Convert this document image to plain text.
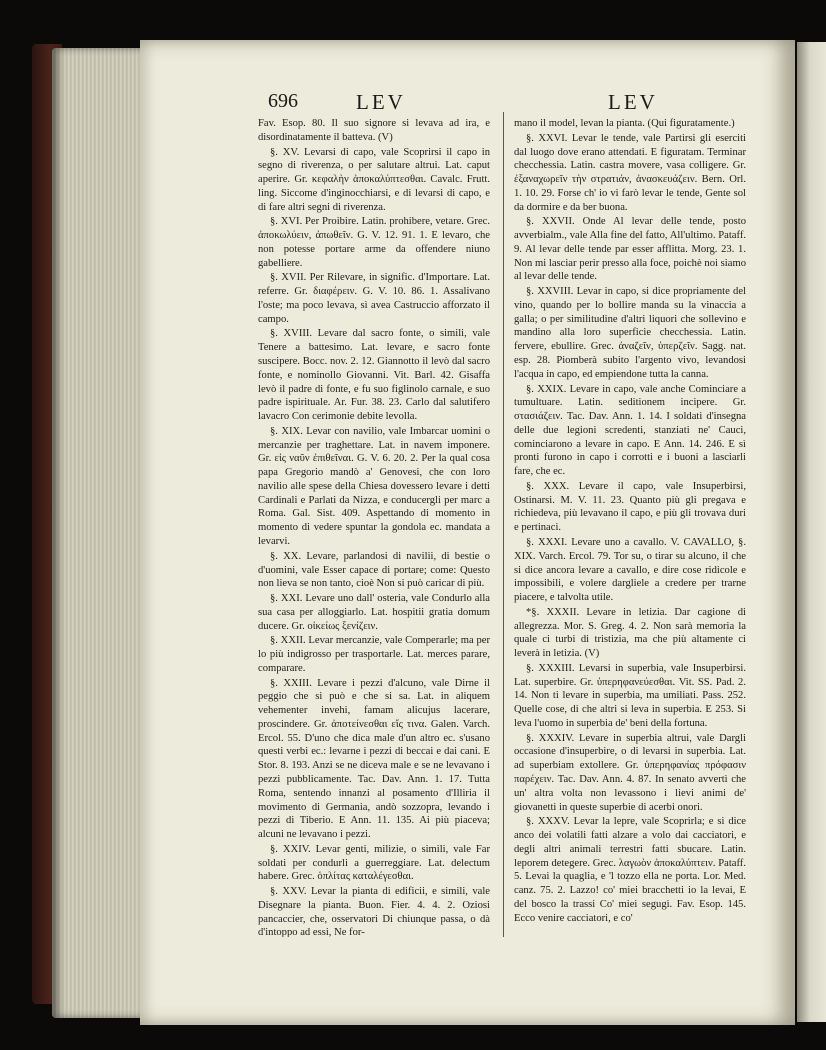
696	LEV	LEV

Fav. Esop. 80. Il suo signore si levava ad ira, e disordinatamente il batteva. (V)

§. XV. Levarsi di capo, vale Scoprirsi il capo in segno di riverenza, o per salutare altrui. Lat. caput aperire. Gr. κεφαλὴν ἀποκαλύπτεσθαι. Cavalc. Frutt. ling. Siccome d'inginocchiarsi, e di levarsi di capo, e di fare altri segni di riverenza.

§. XVI. Per Proibire. Latin. prohibere, vetare. Grec. ἀποκωλύειν, ἀπωθεῖν. G. V. 12. 91. 1. E levaro, che non potesse portare arme da offendere niuno gabelliere.

§. XVII. Per Rilevare, in signific. d'Importare. Lat. referre. Gr. διαφέρειν. G. V. 10. 86. 1. Assalivano l'oste; ma poco levava, sì avea Castruccio afforzato il campo.

§. XVIII. Levare dal sacro fonte, o simili, vale Tenere a battesimo. Lat. levare, e sacro fonte suscipere. Bocc. nov. 2. 12. Giannotto il levò dal sacro fonte, e nominollo Giovanni. Vit. Barl. 42. Gisaffa levò il padre di fonte, e fu suo figlinolo carnale, e suo padre ispirituale. Ar. Fur. 38. 23. Carlo dal salutifero lavacro Con cerimonie debite levolla.

§. XIX. Levar con navilio, vale Imbarcar uomini o mercanzie per traghettare. Lat. in navem imponere. Gr. εἰς ναῦν ἐπιθεῖναι. G. V. 6. 20. 2. Per la qual cosa papa Gregorio mandò a' Genovesi, che con loro navilio alle spese della Chiesa dovessero levare i detti Cardinali e Parlati da Nizza, e conducergli per marc a Roma. Gal. Sist. 409. Aspettando di momento in momento di vedere spuntar la gondola ec. mandata a levarvi.

§. XX. Levare, parlandosi di navilii, di bestie o d'uomini, vale Esser capace di portare; come: Questo non lieva se non tanto, cioè Non si può caricar di più.

§. XXI. Levare uno dall' osteria, vale Condurlo alla sua casa per alloggiarlo. Lat. hospitii gratia domum ducere. Gr. οἰκείως ξενίζειν.

§. XXII. Levar mercanzie, vale Comperarle; ma per lo più indigrosso per trasportarle. Lat. merces parare, comparare.

§. XXIII. Levare i pezzi d'alcuno, vale Dirne il peggio che si può e che si sa. Lat. in aliquem vehementer invehi, famam alicujus lacerare, proscindere. Gr. ἀποτείνεσθαι εἴς τινα. Galen. Varch. Ercol. 55. D'uno che dica male d'un altro ec. s'usano questi verbi ec.: levarne i pezzi di beccai e dai cani. E Stor. 8. 193. Anzi se ne diceva male e se ne levavano i pezzi pubblicamente. Tac. Dav. Ann. 1. 17. Tutta Roma, sentendo innanzi al posamento d'Illiria il movimento di Germania, andò sozzopra, levando i pezzi di Tiberio. E Ann. 11. 135. Ai più piaceva; alcuni ne levavano i pezzi.

§. XXIV. Levar genti, milizie, o simili, vale Far soldati per condurli a guerreggiare. Lat. delectum habere. Grec. ὁπλίτας καταλέγεσθαι.

§. XXV. Levar la pianta di edificii, e simili, vale Disegnare la pianta. Buon. Fier. 4. 4. 2. Oziosi pancaccier, che, osservatori Di chiunque passa, o dà d'intoppo ad essi, Ne for-

mano il model, levan la pianta. (Qui figuratamente.)

§. XXVI. Levar le tende, vale Partirsi gli eserciti dal luogo dove erano attendati. E figuratam. Terminar checchessia. Latin. castra movere, vasa colligere. Gr. ἐξαναχωρεῖν τὴν στρατιάν, ἀνασκευάζειν. Bern. Orl. 1. 10. 29. Forse ch' io vi farò levar le tende, Gente sol da dormire e da ber buona.

§. XXVII. Onde Al levar delle tende, posto avverbialm., vale Alla fine del fatto, All'ultimo. Pataff. 9. Al levar delle tende par esser afflitta. Morg. 23. 1. Non mi lasciar perir presso alla foce, poichè noi siamo al levar delle tende.

§. XXVIII. Levar in capo, si dice propriamente del vino, quando per lo bollire manda su la vinaccia a galla; o per similitudine d'altri liquori che sollevino e mandino alla loro superficie checchessia. Latin. fervere, ebullire. Grec. ἀναζεῖν, ὑπερζεῖν. Sagg. nat. esp. 28. Piomberà subito l'argento vivo, levandosi l'acqua in capo, ed empiendone tutta la canna.

§. XXIX. Levare in capo, vale anche Cominciare a tumultuare. Latin. seditionem incipere. Gr. στασιάζειν. Tac. Dav. Ann. 1. 14. I soldati d'insegna delle due legioni scredenti, stanziati ne' Cauci, cominciarono a levare in capo. E Ann. 14. 246. E sì pronti furono in capo i corrotti e i buoni a lasciarli fare, che ec.

§. XXX. Levare il capo, vale Insuperbirsi, Ostinarsi. M. V. 11. 23. Quanto più gli pregava e richiedeva, più levavano il capo, e più gli trovava duri e pertinaci.

§. XXXI. Levare uno a cavallo. V. CAVALLO, §. XIX. Varch. Ercol. 79. Tor su, o tirar su alcuno, il che si dice ancora levare a cavallo, e dire cose ridicole e impossibili, e volere dargliele a credere per trarne piacere, e talvolta utile.

*§. XXXII. Levare in letizia. Dar cagione di allegrezza. Mor. S. Greg. 4. 2. Non sarà memoria la quale ci turbi di tristizia, ma che più altamente ci leverà in letizia. (V)

§. XXXIII. Levarsi in superbia, vale Insuperbirsi. Lat. superbire. Gr. ὑπερηφανεύεσθαι. Vit. SS. Pad. 2. 14. Non ti levare in superbia, ma umiliati. Pass. 252. Quelle cose, di che altri si leva in superbia. E 253. Si leva l'uomo in superbia de' beni della fortuna.

§. XXXIV. Levare in superbia altrui, vale Dargli occasione d'insuperbire, o di levarsi in superbia. Lat. ad superbiam extollere. Gr. ὑπερηφανίας πρόφασιν παρέχειν. Tac. Dav. Ann. 4. 87. In senato avvertì che un' altra volta non levassono i lievi animi de' giovanetti in queste superbie di acerbi onori.

§. XXXV. Levar la lepre, vale Scoprirla; e si dice anco dei volatili fatti alzare a volo dai cacciatori, e degli altri animali terrestri fatti sbucare. Latin. leporem detegere. Grec. λαγωὸν ἀποκαλύπτειν. Pataff. 5. Levai la quaglia, e 'l tozzo ella ne porta. Lor. Med. canz. 75. 2. Lazzo! co' miei bracchetti io la levai, E del bosco la trassi Co' miei segugi. Fav. Esop. 145. Ecco venire cacciatori, e co'
